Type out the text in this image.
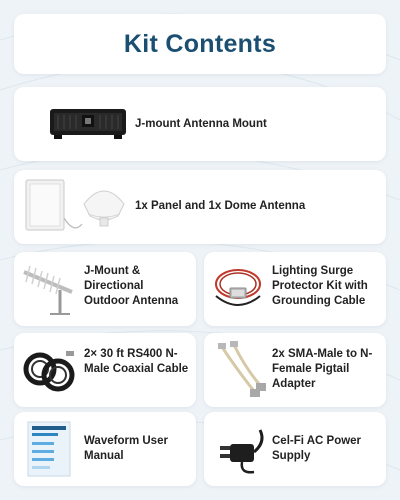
Kit Contents
J-mount Antenna Mount
1x Panel and 1x Dome Antenna
J-Mount & Directional Outdoor Antenna
Lighting Surge Protector Kit with Grounding Cable
2× 30 ft RS400 N-Male Coaxial Cable
2x SMA-Male to N-Female Pigtail Adapter
Waveform User Manual
Cel-Fi AC Power Supply
